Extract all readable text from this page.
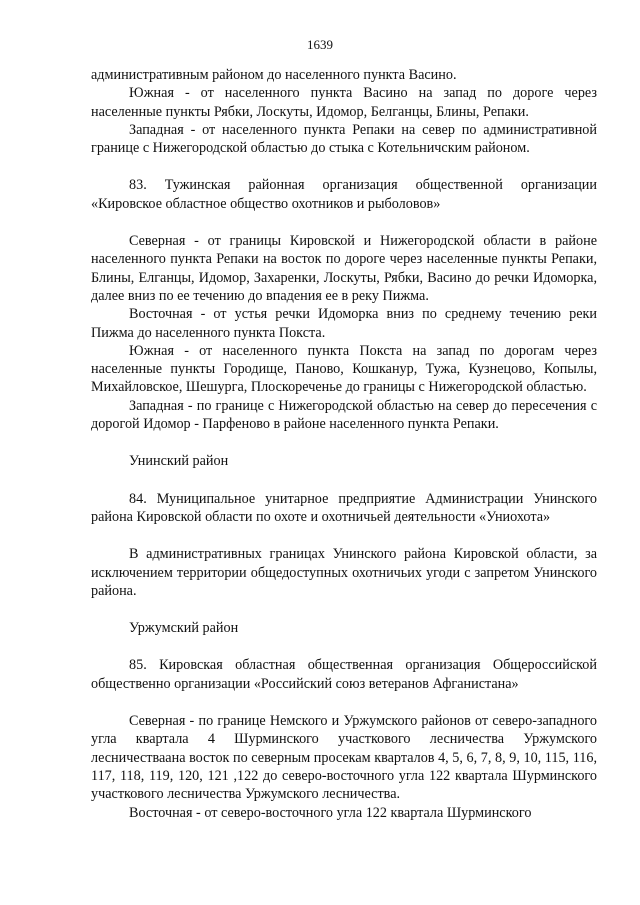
1639

административным районом до населенного пункта Васино.

Южная - от населенного пункта Васино на запад по дороге через населенные пункты Рябки, Лоскуты, Идомор, Белганцы, Блины, Репаки.

Западная - от населенного пункта Репаки на север по административной границе с Нижегородской областью до стыка с Котельничским районом.

83. Тужинская районная организация общественной организации «Кировское областное общество охотников и рыболовов»

Северная - от границы Кировской и Нижегородской области в районе населенного пункта Репаки на восток по дороге через населенные пункты Репаки, Блины, Елганцы, Идомор, Захаренки, Лоскуты, Рябки, Васино до речки Идоморка, далее вниз по ее течению до впадения ее в реку Пижма.

Восточная - от устья речки Идоморка вниз по среднему течению реки Пижма до населенного пункта Покста.

Южная - от населенного пункта Покста на запад по дорогам через населенные пункты Городище, Паново, Кошканур, Тужа, Кузнецово, Копылы, Михайловское, Шешурга, Плоскореченье до границы с Нижегородской областью.

Западная - по границе с Нижегородской областью на север до пересечения с дорогой Идомор - Парфеново в районе населенного пункта Репаки.

Унинский район

84. Муниципальное унитарное предприятие Администрации Унинского района Кировской области по охоте и охотничьей деятельности «Униохота»

В административных границах Унинского района Кировской области, за исключением территории общедоступных охотничьих угоди с запретом Унинского района.

Уржумский район

85. Кировская областная общественная организация Общероссийской общественно организации «Российский союз ветеранов Афганистана»

Северная - по границе Немского и Уржумского районов от северо-западного угла квартала 4 Шурминского участкового лесничества Уржумского лесничестваана восток по северным просекам кварталов 4, 5, 6, 7, 8, 9, 10, 115, 116, 117, 118, 119, 120, 121 ,122 до северо-восточного угла 122 квартала Шурминского участкового лесничества Уржумского лесничества.

Восточная - от северо-восточного угла 122 квартала Шурминского
